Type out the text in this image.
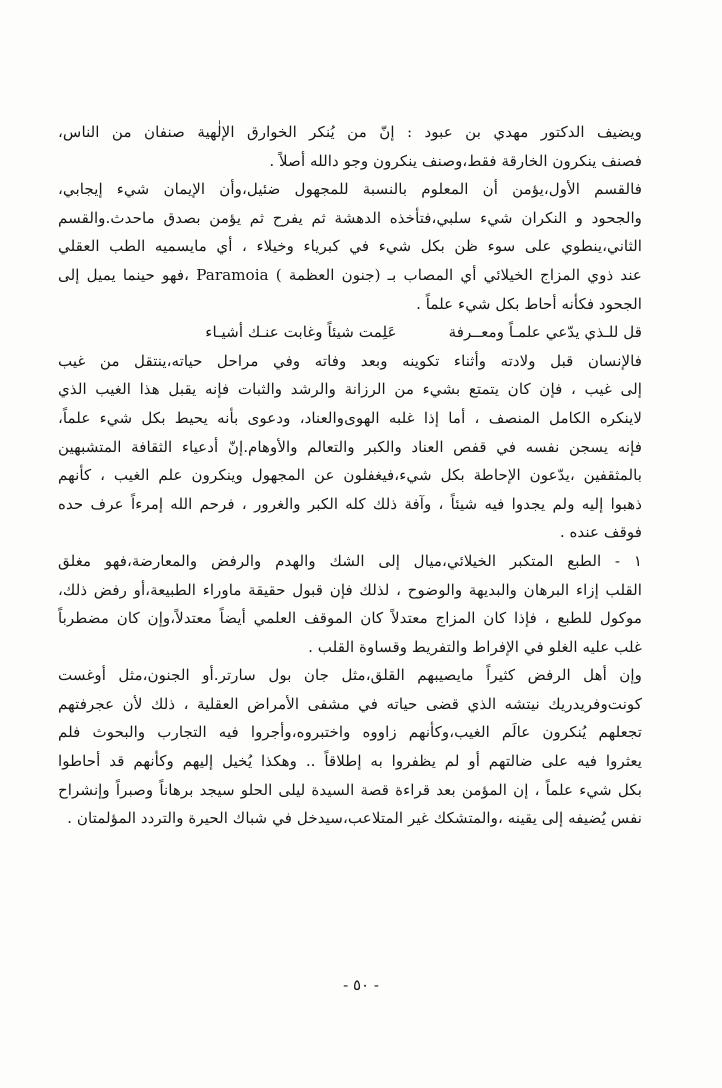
ويضيف الدكتور مهدي بن عبود : إنّ من يُنكر الخوارق الإلٰهية صنفان من الناس،
فصنف ينكرون الخارقة فقط،وصنف ينكرون وجو دالله أصلاً .

فالقسم الأول،يؤمن أن المعلوم بالنسبة للمجهول ضئيل،وأن الإيمان شيء إيجابي،
والجحود و النكران شيء سلبي،فتأخذه الدهشة ثم يفرح ثم يؤمن بصدق ماحدث.والقسم
الثاني،ينطوي على سوء ظن بكل شيء في كبرياء وخيلاء ، أي مايسميه الطب العقلي
عند ذوي المزاج الخيلائي أي المصاب بـ (جنون العظمة ) Paramoia ،فهو حينما يميل إلى
الجحود فكأنه أحاط بكل شيء علماً .

قل للـذي يدّعي علمـاً ومعــرفة
عَلِمت شيئاً وغابت عنـك أشيـاء

فالإنسان قبل ولادته وأثناء تكوينه وبعد وفاته وفي مراحل حياته،ينتقل من غيب
إلى غيب ، فإن كان يتمتع بشيء من الرزانة والرشد والثبات فإنه يقبل هذا الغيب الذي
لاينكره الكامل المنصف ، أما إذا غلبه الهوى‌والعناد، ودعوى بأنه يحيط بكل شيء علماً،
فإنه يسجن نفسه في قفص العناد والكبر والتعالم والأوهام.إنّ أدعياء الثقافة المتشبهين
بالمثقفين ،يدّعون الإحاطة بكل شيء،فيغفلون عن المجهول وينكرون علم الغيب ، كأنهم
ذهبوا إليه ولم يجدوا فيه شيئاً ، وآفة ذلك كله الكبر والغرور ، فرحم الله إمرءاً عرف حده
فوقف عنده .

١ - الطبع المتكبر الخيلائي،ميال إلى الشك والهدم والرفض والمعارضة،فهو مغلق
القلب إزاء البرهان والبديهة والوضوح ، لذلك فإن قبول حقيقة ماوراء الطبيعة،أو رفض ذلك،
موكول للطبع ، فإذا كان المزاج معتدلاً كان الموقف العلمي أيضاً معتدلاً،وإن كان مضطرباً
غلب عليه الغلو في الإفراط والتفريط وقساوة القلب .

وإن أهل الرفض كثيراً مايصيبهم القلق،مثل جان بول سارتر.أو الجنون،مثل أوغست
كونت‌وفريدريك نيتشه الذي قضى حياته في مشفى الأمراض العقلية ، ذلك لأن عجرفتهم
تجعلهم يُنكرون عالَم الغيب،وكأنهم زاووه واختبروه،وأجروا فيه التجارب والبحوث فلم
يعثروا فيه على ضالتهم أو لم يظفروا به إطلاقاً .. وهكذا يُخيل إليهم وكأنهم قد أحاطوا
بكل شيء علماً ، إن المؤمن بعد قراءة قصة السيدة ليلى الحلو سيجد برهاناً وصبراً وإنشراح
نفس يُضيفه إلى يقينه ،والمتشكك غير المتلاعب،سيدخل في شباك الحيرة والتردد المؤلمتان .

- ٥٠ -
